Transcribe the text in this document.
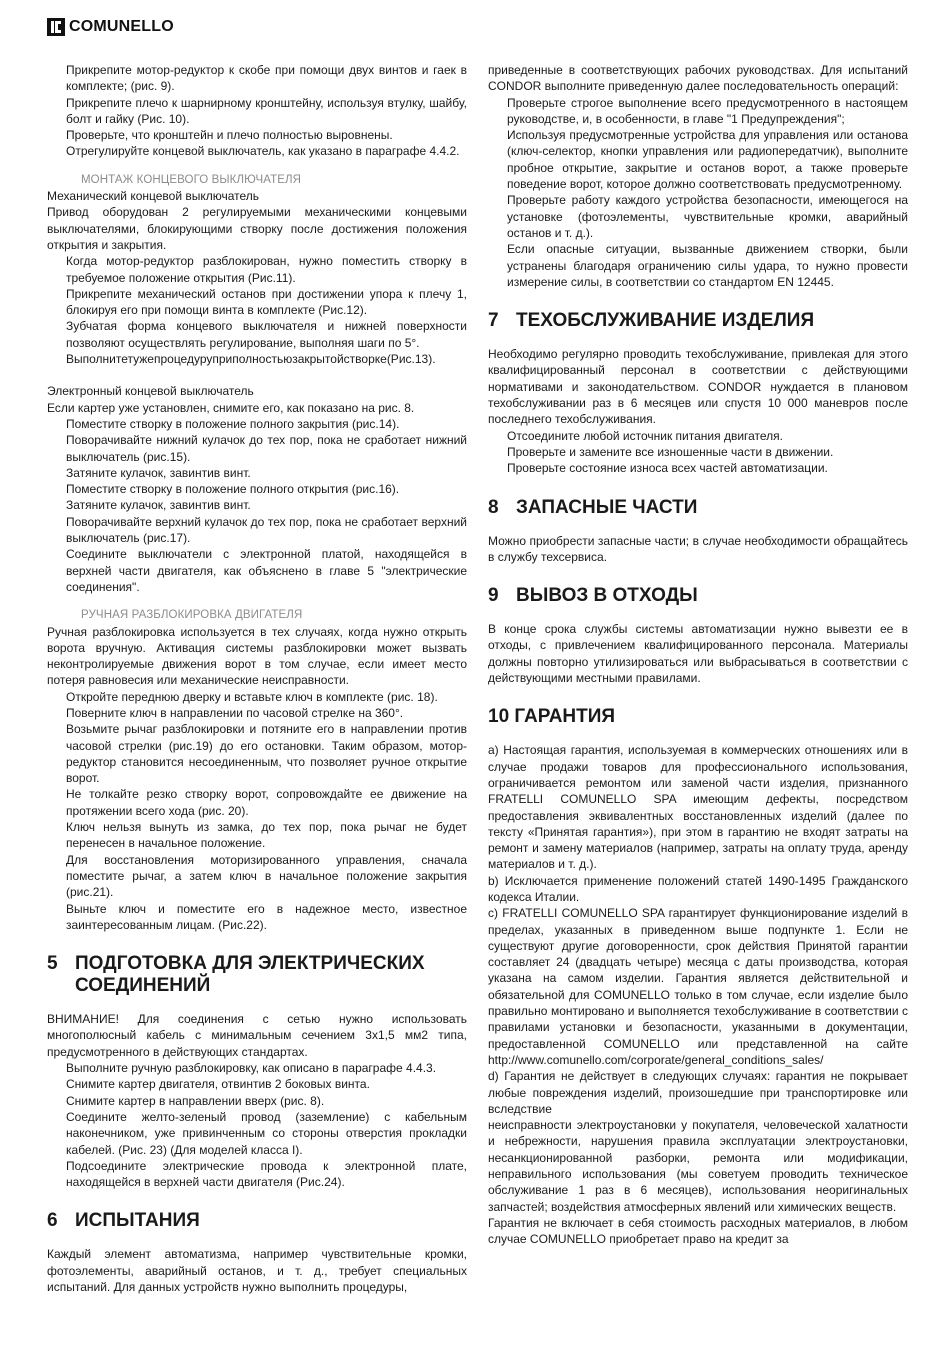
COMUNELLO

Прикрепите мотор-редуктор к скобе при помощи двух винтов и гаек в комплекте; (рис. 9).

Прикрепите плечо к шарнирному кронштейну, используя втулку, шайбу, болт и гайку (Рис. 10).

Проверьте, что кронштейн и плечо полностью выровнены.

Отрегулируйте концевой выключатель, как указано в параграфе 4.4.2.

МОНТАЖ КОНЦЕВОГО ВЫКЛЮЧАТЕЛЯ

Механический концевой выключатель

Привод оборудован 2 регулируемыми механическими концевыми выключателями, блокирующими створку после достижения положения открытия и закрытия.

Когда мотор-редуктор разблокирован, нужно поместить створку в требуемое положение открытия (Рис.11).

Прикрепите механический останов при достижении упора к плечу 1, блокируя его при помощи винта в комплекте (Рис.12).

Зубчатая форма концевого выключателя и нижней поверхности позволяют осуществлять регулирование, выполняя шаги по 5°.

Выполнитетужепроцедуруприполностьюзакрытойстворке(Рис.13).

Электронный концевой выключатель

Если картер уже установлен, снимите его, как показано на рис. 8.

Поместите створку в положение полного закрытия (рис.14).

Поворачивайте нижний кулачок до тех пор, пока не сработает нижний выключатель (рис.15).

Затяните кулачок, завинтив винт.

Поместите створку в положение полного открытия (рис.16).

Затяните кулачок, завинтив винт.

Поворачивайте верхний кулачок до тех пор, пока не сработает верхний выключатель (рис.17).

Соедините выключатели с электронной платой, находящейся в верхней части двигателя, как объяснено в главе 5 "электрические соединения".

РУЧНАЯ РАЗБЛОКИРОВКА ДВИГАТЕЛЯ

Ручная разблокировка используется в тех случаях, когда нужно открыть ворота вручную. Активация системы разблокировки может вызвать неконтролируемые движения ворот в том случае, если имеет место потеря равновесия или механические неисправности.

Откройте переднюю дверку и вставьте ключ в комплекте (рис. 18).

Поверните ключ в направлении по часовой стрелке на 360°.

Возьмите рычаг разблокировки и потяните его в направлении против часовой стрелки (рис.19) до его остановки. Таким образом, мотор-редуктор становится несоединенным, что позволяет ручное открытие ворот.

Не толкайте резко створку ворот, сопровождайте ее движение на протяжении всего хода (рис. 20).

Ключ нельзя вынуть из замка, до тех пор, пока рычаг не будет перенесен в начальное положение.

Для восстановления моторизированного управления, сначала поместите рычаг, а затем ключ в начальное положение закрытия (рис.21).

Выньте ключ и поместите его в надежное место, известное заинтересованным лицам. (Рис.22).

5 ПОДГОТОВКА ДЛЯ ЭЛЕКТРИЧЕСКИХ СОЕДИНЕНИЙ

ВНИМАНИЕ! Для соединения с сетью нужно использовать многополюсный кабель с минимальным сечением 3x1,5 мм2 типа, предусмотренного в действующих стандартах.

Выполните ручную разблокировку, как описано в параграфе 4.4.3.

Снимите картер двигателя, отвинтив 2 боковых винта.

Снимите картер в направлении вверх (рис. 8).

Соедините желто-зеленый провод (заземление) с кабельным наконечником, уже привинченным со стороны отверстия прокладки кабелей. (Рис. 23) (Для моделей класса I).

Подсоедините электрические провода к электронной плате, находящейся в верхней части двигателя (Рис.24).

6 ИСПЫТАНИЯ

Каждый элемент автоматизма, например чувствительные кромки, фотоэлементы, аварийный останов, и т. д., требует специальных испытаний. Для данных устройств нужно выполнить процедуры,

приведенные в соответствующих рабочих руководствах. Для испытаний CONDOR выполните приведенную далее последовательность операций:

Проверьте строгое выполнение всего предусмотренного в настоящем руководстве, и, в особенности, в главе "1 Предупреждения";

Используя предусмотренные устройства для управления или останова (ключ-селектор, кнопки управления или радиопередатчик), выполните пробное открытие, закрытие и останов ворот, а также проверьте поведение ворот, которое должно соответствовать предусмотренному.

Проверьте работу каждого устройства безопасности, имеющегося на установке (фотоэлементы, чувствительные кромки, аварийный останов и т. д.).

Если опасные ситуации, вызванные движением створки, были устранены благодаря ограничению силы удара, то нужно провести измерение силы, в соответствии со стандартом EN 12445.

7 ТЕХОБСЛУЖИВАНИЕ ИЗДЕЛИЯ

Необходимо регулярно проводить техобслуживание, привлекая для этого квалифицированный персонал в соответствии с действующими нормативами и законодательством. CONDOR нуждается в плановом техобслуживании раз в 6 месяцев или спустя 10 000 маневров после последнего техобслуживания.

Отсоедините любой источник питания двигателя.

Проверьте и замените все изношенные части в движении.

Проверьте состояние износа всех частей автоматизации.

8 ЗАПАСНЫЕ ЧАСТИ

Можно приобрести запасные части; в случае необходимости обращайтесь в службу техсервиса.

9 ВЫВОЗ В ОТХОДЫ

В конце срока службы системы автоматизации нужно вывезти ее в отходы, с привлечением квалифицированного персонала. Материалы должны повторно утилизироваться или выбрасываться в соответствии с действующими местными правилами.

10 ГАРАНТИЯ

a) Настоящая гарантия, используемая в коммерческих отношениях или в случае продажи товаров для профессионального использования, ограничивается ремонтом или заменой части изделия, признанного FRATELLI COMUNELLO SPA имеющим дефекты, посредством предоставления эквивалентных восстановленных изделий (далее по тексту «Принятая гарантия»), при этом в гарантию не входят затраты на ремонт и замену материалов (например, затраты на оплату труда, аренду материалов и т. д.).

b) Исключается применение положений статей 1490-1495 Гражданского кодекса Италии.

c) FRATELLI COMUNELLO SPA гарантирует функционирование изделий в пределах, указанных в приведенном выше подпункте 1. Если не существуют другие договоренности, срок действия Принятой гарантии составляет 24 (двадцать четыре) месяца с даты производства, которая указана на самом изделии. Гарантия является действительной и обязательной для COMUNELLO только в том случае, если изделие было правильно монтировано и выполняется техобслуживание в соответствии с правилами установки и безопасности, указанными в документации, предоставленной COMUNELLO или представленной на сайте http://www.comunello.com/corporate/general_conditions_sales/

d) Гарантия не действует в следующих случаях: гарантия не покрывает любые повреждения изделий, произошедшие при транспортировке или вследствие

неисправности электроустановки у покупателя, человеческой халатности и небрежности, нарушения правила эксплуатации электроустановки, несанкционированной разборки, ремонта или модификации, неправильного использования (мы советуем проводить техническое обслуживание 1 раз в 6 месяцев), использования неоригинальных запчастей; воздействия атмосферных явлений или химических веществ.

Гарантия не включает в себя стоимость расходных материалов, в любом случае COMUNELLO приобретает право на кредит за
